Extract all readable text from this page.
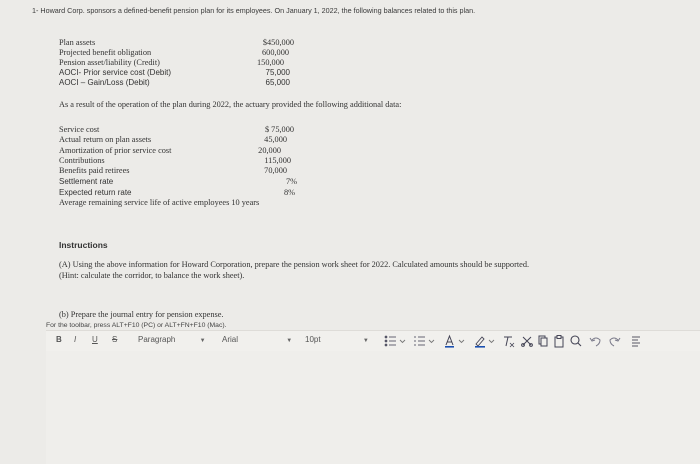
1- Howard Corp. sponsors a defined-benefit pension plan for its employees. On January 1, 2022, the following balances related to this plan.
Plan assets	$450,000
Projected benefit obligation	600,000
Pension asset/liability (Credit)	150,000
AOCI- Prior service cost (Debit)	75,000
AOCI – Gain/Loss (Debit)	65,000
As a result of the operation of the plan during 2022, the actuary provided the following additional data:
Service cost	$ 75,000
Actual return on plan assets	45,000
Amortization of prior service cost	20,000
Contributions	115,000
Benefits paid retirees	70,000
Settlement rate	7%
Expected return rate	8%
Average remaining service life of active employees 10 years
Instructions
(A) Using the above information for Howard Corporation, prepare the pension work sheet for 2022. Calculated amounts should be supported.
(Hint: calculate the corridor, to balance the work sheet).
(b) Prepare the journal entry for pension expense.
For the toolbar, press ALT+F10 (PC) or ALT+FN+F10 (Mac).
B I U S	Paragraph	▼ Arial	▼ 10pt	▼
